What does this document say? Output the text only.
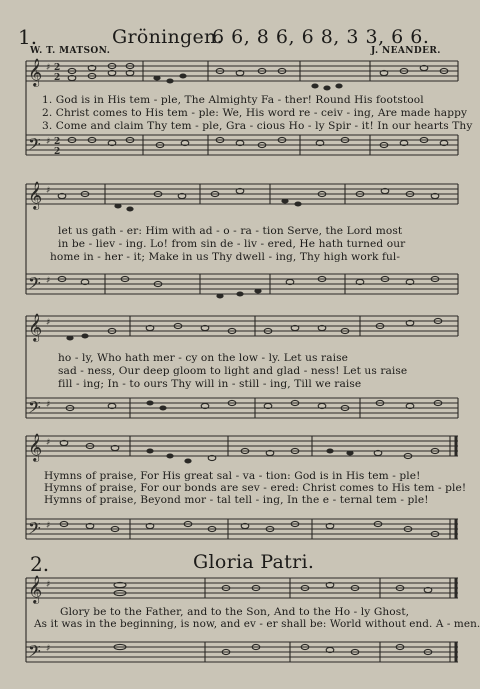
1.	Gröningen.
6 6, 8 6, 6 8, 3 3, 6 6.
W. T. MATSON.	J. NEANDER.
𝄞
𝄢
♯
♯
2
2
2
2
1. God is in His tem - ple, The Almighty Fa - ther! Round His footstool
2. Christ comes to His tem - ple: We, His word re - ceiv - ing, Are made happy
3. Come and claim Thy tem - ple, Gra - cious Ho - ly Spir - it! In our hearts Thy
𝄞
𝄢
♯
♯
let us gath - er: Him with ad - o - ra - tion Serve, the Lord most
in be - liev - ing. Lo! from sin de - liv - ered, He hath turned our
home in - her - it; Make in us Thy dwell - ing, Thy high work ful-
𝄞
𝄢
♯
♯
ho - ly, Who hath mer - cy on the low - ly. Let us raise
sad - ness, Our deep gloom to light and glad - ness! Let us raise
fill - ing; In - to ours Thy will in - still - ing, Till we raise
𝄞
𝄢
♯
♯
Hymns of praise, For His great sal - va - tion: God is in His tem - ple!
Hymns of praise, For our bonds are sev - ered: Christ comes to His tem - ple!
Hymns of praise, Beyond mor - tal tell - ing, In the e - ternal tem - ple!
2.	Gloria Patri.
𝄞
𝄢
♯
♯
Glory be to the Father, and to the Son, And to the Ho - ly Ghost,
As it was in the beginning, is now, and ev - er shall be: World without end. A - men.
